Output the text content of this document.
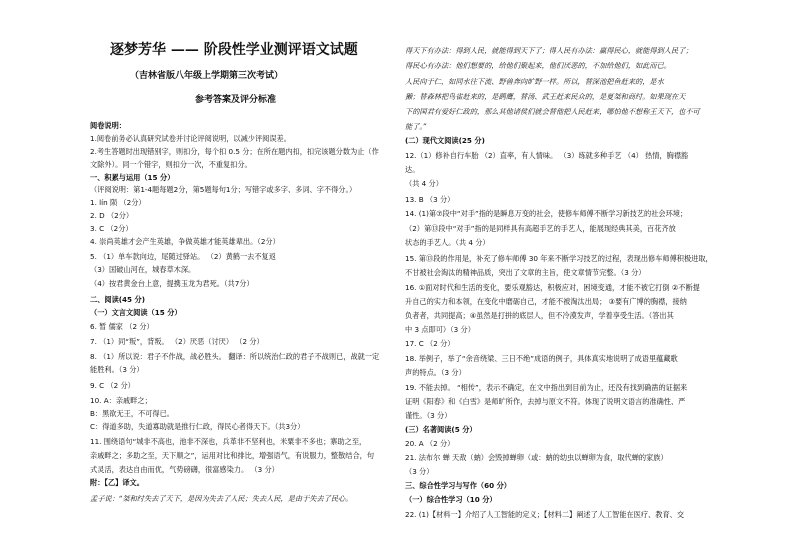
逐梦芳华 —— 阶段性学业测评语文试题
（吉林省版八年级上学期第三次考试）
参考答案及评分标准
阅卷说明：
1.阅卷前务必认真研究试卷并讨论评阅说明，以减少评阅误差。
2.考生答题时出现错别字，则扣分，每个扣 0.5 分；在所在题内扣，扣完该题分数为止（作
文除外）。同一个错字，则扣分一次，不重复扣分。
一、积累与运用（15 分）
（评阅说明：第1-4题每题2分，第5题每句1分；写错字或多字、多词、字不得分。）
1. lín 陨 （2分）
2. D （2分）
3. C （2分）
4. 崇尚英雄才会产生英雄，争做英雄才能英雄辈出。（2分）
5. （1）单车款向边，尾随过驿站。 （2）黄鹤一去不复返
（3）国破山河在，城春草木深。
（4）按君黄金台上意，提携玉龙为君死。（共7分）
二、阅读(45 分)
（一）文言文阅读（15 分）
6. 暂 儒家 （2 分）
7. （1）同“叛”，背叛。 （2）厌恶（讨厌） （2 分）
8. （1）所以说：君子不作战，战必胜头。 翻译：所以统治仁政的君子不战则已，战就一定
能胜利。（3 分）
9. C （2 分）
10. A：亲戚畔之；
B：黑欲无王，不可得已。
C：得道多助，失道寡助就是推行仁政，得民心者得天下。（共3分）
11. 围绕语句“城非不高也，池非不深也，兵革非不坚利也，米粟非不多也；寨助之至，
亲戚畔之；多助之至，天下顺之”，运用对比和排比，增强语气，有说服力，整散结合，句
式灵活，表达自由而优，气势磅礴，很富感染力。 （3 分）
附：【乙】译文。
孟子说：“桀和纣失去了天下，是因为失去了人民；失去人民，是由于失去了民心。
得天下有办法：得到人民，就能得到天下了；得人民有办法：赢得民心，就能得到人民了；
得民心有办法：他们想要的，给他们聚起来，他们厌恶的，不加给他们，如此而已。
人民向于仁，如同水往下流、野兽奔向旷野一样。所以，替深池把鱼赶来的，是水
獭；替森林把鸟雀赶来的，是鹞鹰，替汤、武王赶来民众的，是夏桀和商纣。如果现在天
下的国君有爱好仁政的，那么其他诸侯们就会替他把人民赶来，哪怕他不想称王天下，也不可
能了。”
(二）现代文阅读(25 分)
12.（1）修补自行车胎 （2）直率，有人情味。 （3）练就多种手艺 （4） 热情，胸襟豁
达。
（共 4 分）
13. B （3 分）
14. (1)第⑦段中“对手”指的是瞬息万变的社会，使修车师傅不断学习新技艺的社会环境；
（2）第⑬段中“对手”指的是同样具有高超手艺的手艺人，能展现经典其美，百花齐放
状态的手艺人。（共 4 分）
15. 第⑬段的作用是，补充了修车师傅 30 年来不断学习技艺的过程，表现出修车师傅积极进取，
不甘被社会淘汰的精神品质，突出了文章的主旨，使文章情节完整。（3 分）
16. ①面对时代和生活的变化，要乐观豁达，积极应对，困境变通，才能不被它打倒 ②不断提
升自己的实力和本领，在变化中磨砺自己，才能不被淘汰出局； ③要有广博的胸襟，接纳
负者者，共同提高；④虽然是打拼的底层人，但不冷漠发声，学着享受生活。（答出其
中 3 点即可）（3 分）
17. C （2 分）
18. 举例子，举了“余音绕梁、三日不绝”成语的例子，具体真实地说明了成语里蕴藏歌
声的特点。（3 分）
19. 不能去掉。 “相传”，表示不确定，在文中指出到目前为止，还没有找到确凿的证据来
证明《阳春》和《白雪》是师旷所作，去掉与原文不符。体现了说明文语言的准确性、严
谨性。（3 分）
(三）名著阅读(5 分）
20. A （2 分）
21. 法布尔 蝉 天敌（蚋）会毁掉蝉卵（或：蚋的幼虫以蝉卵为食，取代蝉的家族）
（3 分）
三、综合性学习与写作（60 分）
（一）综合性学习（10 分）
22. (1)【材料一】介绍了人工智能的定义；【材料二】阐述了人工智能在医疗、教育、交
